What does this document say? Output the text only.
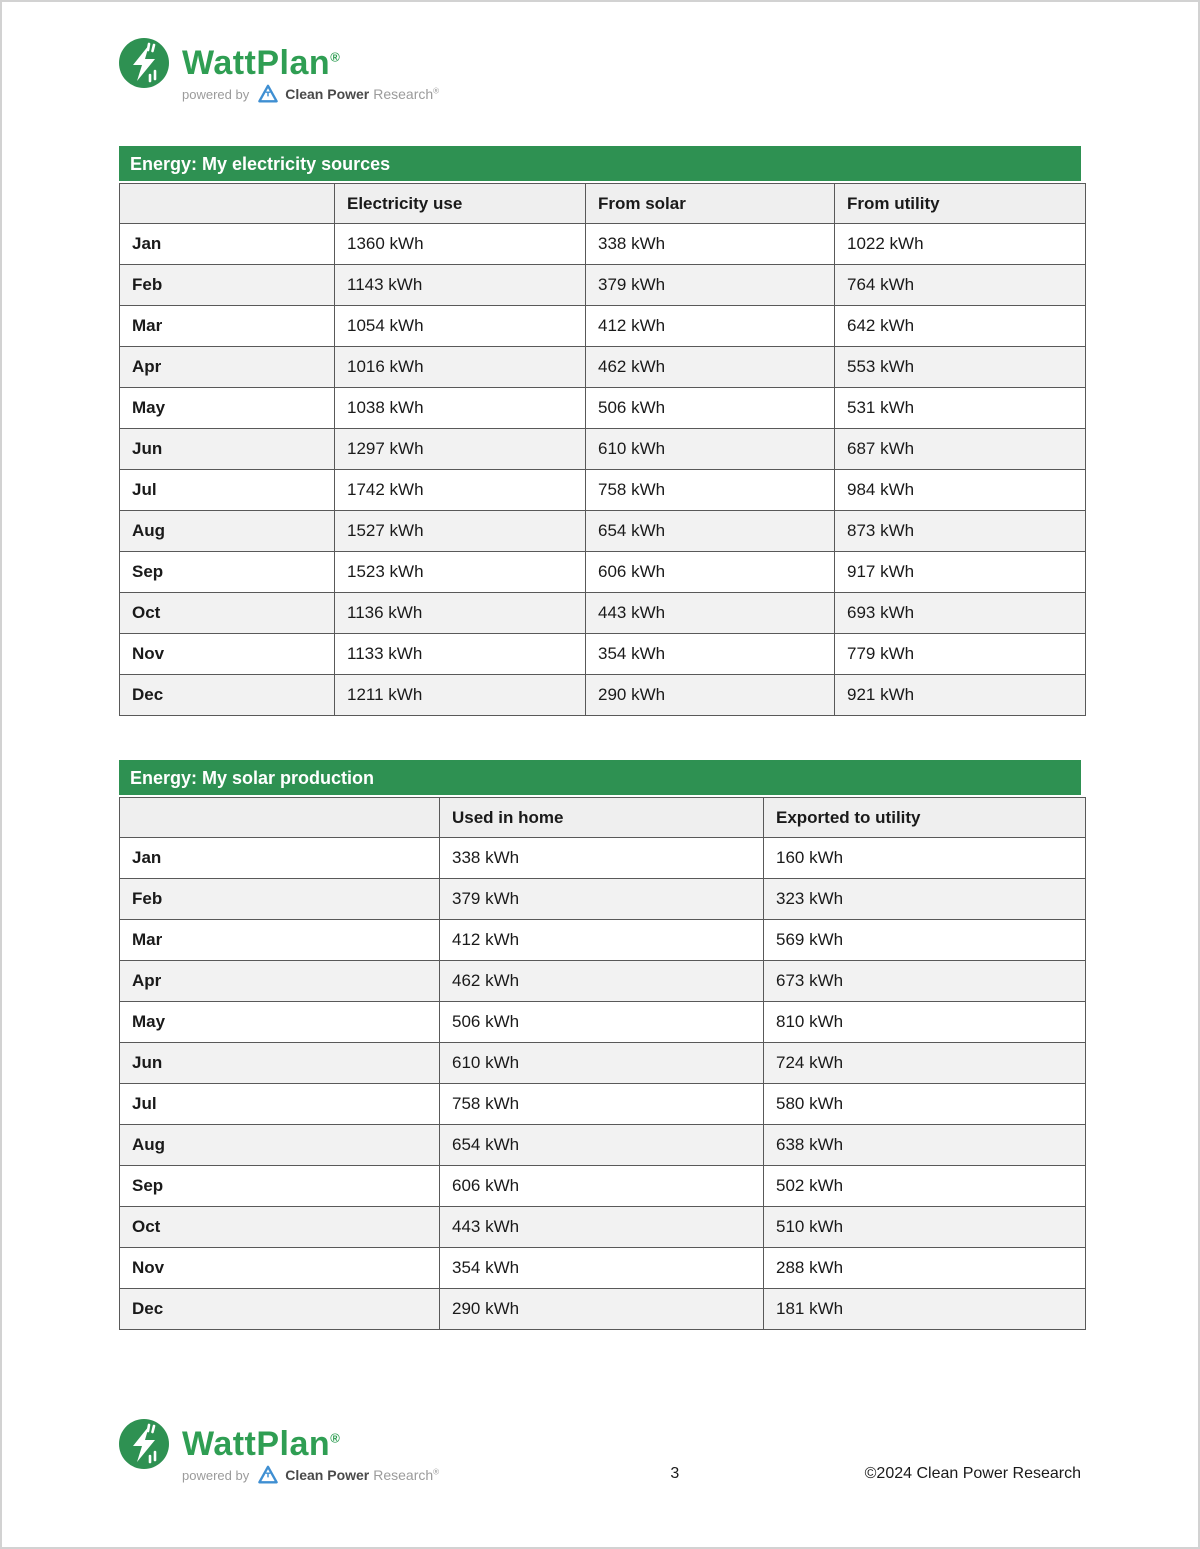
WattPlan®
powered by	Clean Power Research®
Energy: My electricity sources
	Electricity use	From solar	From utility
Jan	1360 kWh	338 kWh	1022 kWh
Feb	1143 kWh	379 kWh	764 kWh
Mar	1054 kWh	412 kWh	642 kWh
Apr	1016 kWh	462 kWh	553 kWh
May	1038 kWh	506 kWh	531 kWh
Jun	1297 kWh	610 kWh	687 kWh
Jul	1742 kWh	758 kWh	984 kWh
Aug	1527 kWh	654 kWh	873 kWh
Sep	1523 kWh	606 kWh	917 kWh
Oct	1136 kWh	443 kWh	693 kWh
Nov	1133 kWh	354 kWh	779 kWh
Dec	1211 kWh	290 kWh	921 kWh
Energy: My solar production
	Used in home	Exported to utility
Jan	338 kWh	160 kWh
Feb	379 kWh	323 kWh
Mar	412 kWh	569 kWh
Apr	462 kWh	673 kWh
May	506 kWh	810 kWh
Jun	610 kWh	724 kWh
Jul	758 kWh	580 kWh
Aug	654 kWh	638 kWh
Sep	606 kWh	502 kWh
Oct	443 kWh	510 kWh
Nov	354 kWh	288 kWh
Dec	290 kWh	181 kWh
WattPlan®
powered by	Clean Power Research®	3	©2024 Clean Power Research
